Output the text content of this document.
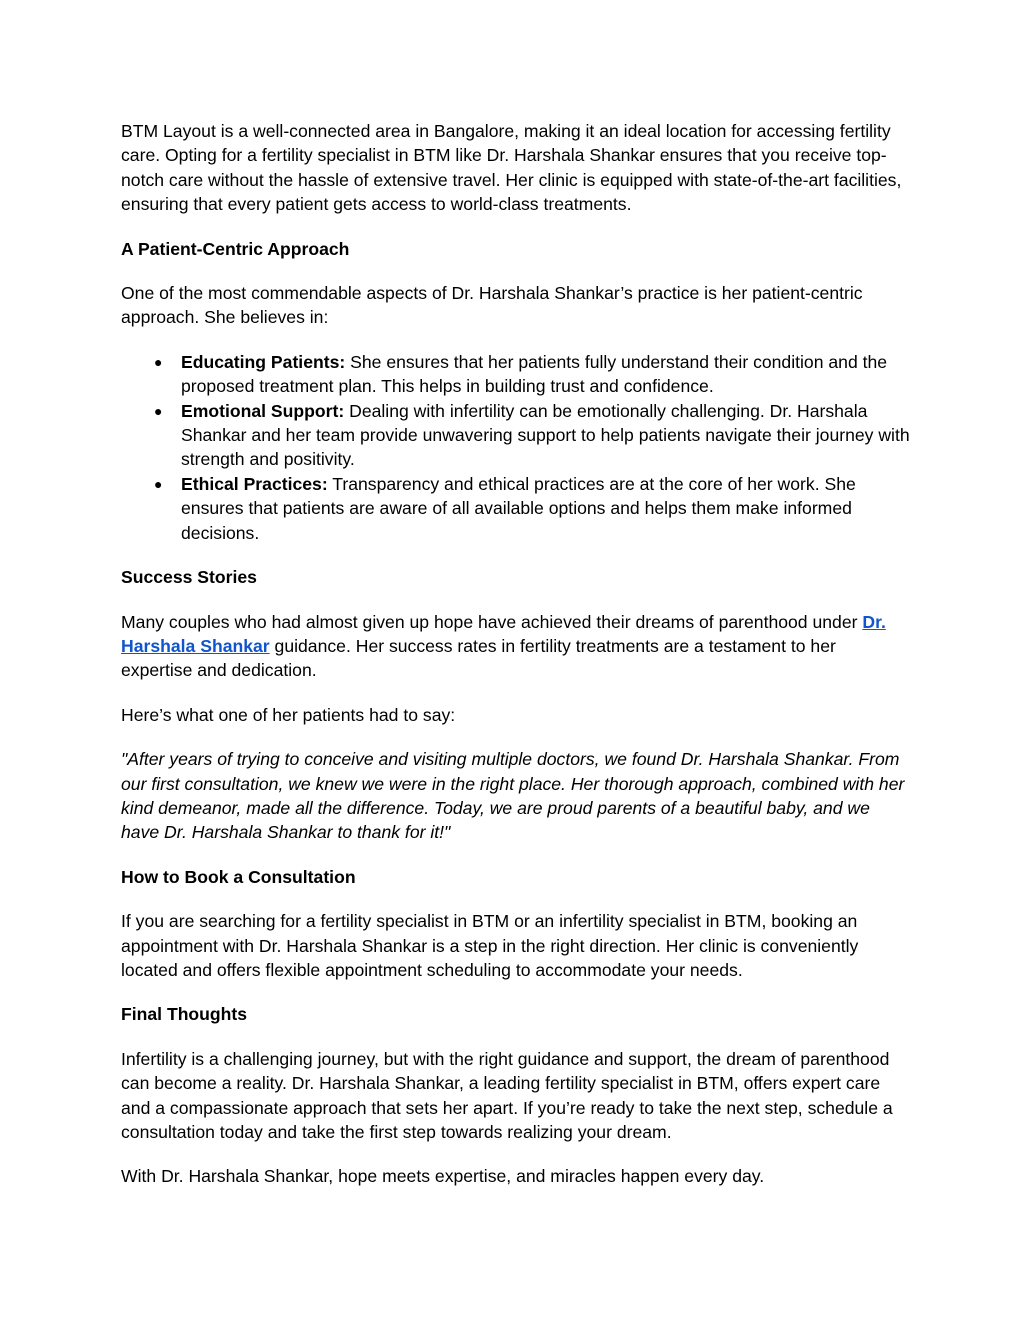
BTM Layout is a well-connected area in Bangalore, making it an ideal location for accessing fertility care. Opting for a fertility specialist in BTM like Dr. Harshala Shankar ensures that you receive top-notch care without the hassle of extensive travel. Her clinic is equipped with state-of-the-art facilities, ensuring that every patient gets access to world-class treatments.

A Patient-Centric Approach

One of the most commendable aspects of Dr. Harshala Shankar’s practice is her patient-centric approach. She believes in:

● Educating Patients: She ensures that her patients fully understand their condition and the proposed treatment plan. This helps in building trust and confidence.
● Emotional Support: Dealing with infertility can be emotionally challenging. Dr. Harshala Shankar and her team provide unwavering support to help patients navigate their journey with strength and positivity.
● Ethical Practices: Transparency and ethical practices are at the core of her work. She ensures that patients are aware of all available options and helps them make informed decisions.
Success Stories

Many couples who had almost given up hope have achieved their dreams of parenthood under Dr. Harshala Shankar guidance. Her success rates in fertility treatments are a testament to her expertise and dedication.

Here’s what one of her patients had to say:

"After years of trying to conceive and visiting multiple doctors, we found Dr. Harshala Shankar. From our first consultation, we knew we were in the right place. Her thorough approach, combined with her kind demeanor, made all the difference. Today, we are proud parents of a beautiful baby, and we have Dr. Harshala Shankar to thank for it!"

How to Book a Consultation

If you are searching for a fertility specialist in BTM or an infertility specialist in BTM, booking an appointment with Dr. Harshala Shankar is a step in the right direction. Her clinic is conveniently located and offers flexible appointment scheduling to accommodate your needs.

Final Thoughts

Infertility is a challenging journey, but with the right guidance and support, the dream of parenthood can become a reality. Dr. Harshala Shankar, a leading fertility specialist in BTM, offers expert care and a compassionate approach that sets her apart. If you’re ready to take the next step, schedule a consultation today and take the first step towards realizing your dream.

With Dr. Harshala Shankar, hope meets expertise, and miracles happen every day.
